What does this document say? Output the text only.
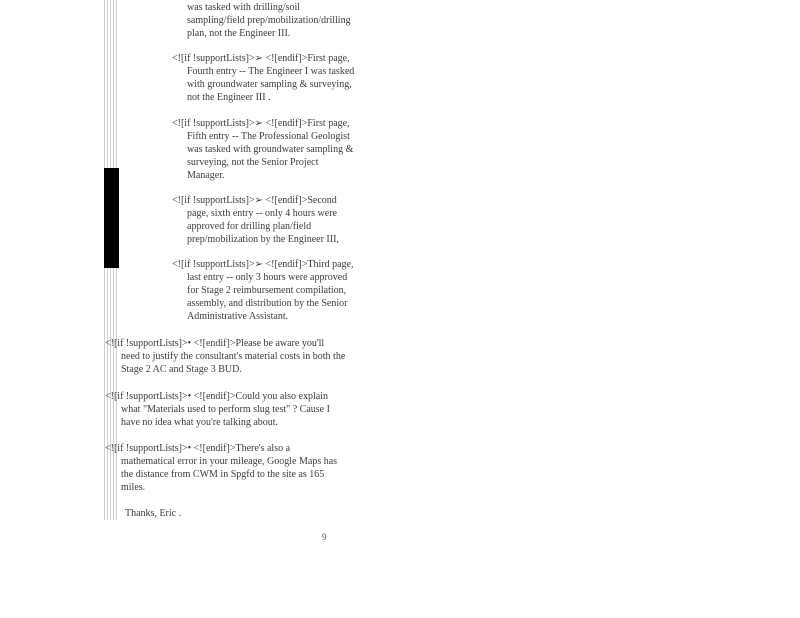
was tasked with drilling/soil
sampling/field prep/mobilization/drilling
plan, not the Engineer III.
<![if !supportLists]>➢ <![endif]>First page,
Fourth entry -- The Engineer I was tasked
with groundwater sampling & surveying,
not the Engineer III .
<![if !supportLists]>➢ <![endif]>First page,
Fifth entry -- The Professional Geologist
was tasked with groundwater sampling &
surveying, not the Senior Project
Manager.
<![if !supportLists]>➢ <![endif]>Second
page, sixth entry -- only 4 hours were
approved for drilling plan/field
prep/mobilization by the Engineer III,
<![if !supportLists]>➢ <![endif]>Third page,
last entry -- only 3 hours were approved
for Stage 2 reimbursement compilation,
assembly, and distribution by the Senior
Administrative Assistant.
<![if !supportLists]>• <![endif]>Please be aware you'll
need to justify the consultant's material costs in both the
Stage 2 AC and Stage 3 BUD.
<![if !supportLists]>• <![endif]>Could you also explain
what "Materials used to perform slug test" ? Cause I
have no idea what you're talking about.
<![if !supportLists]>• <![endif]>There's also a
mathematical error in your mileage, Google Maps has
the distance from CWM in Spgfd to the site as 165
miles.
Thanks, Eric .
9
